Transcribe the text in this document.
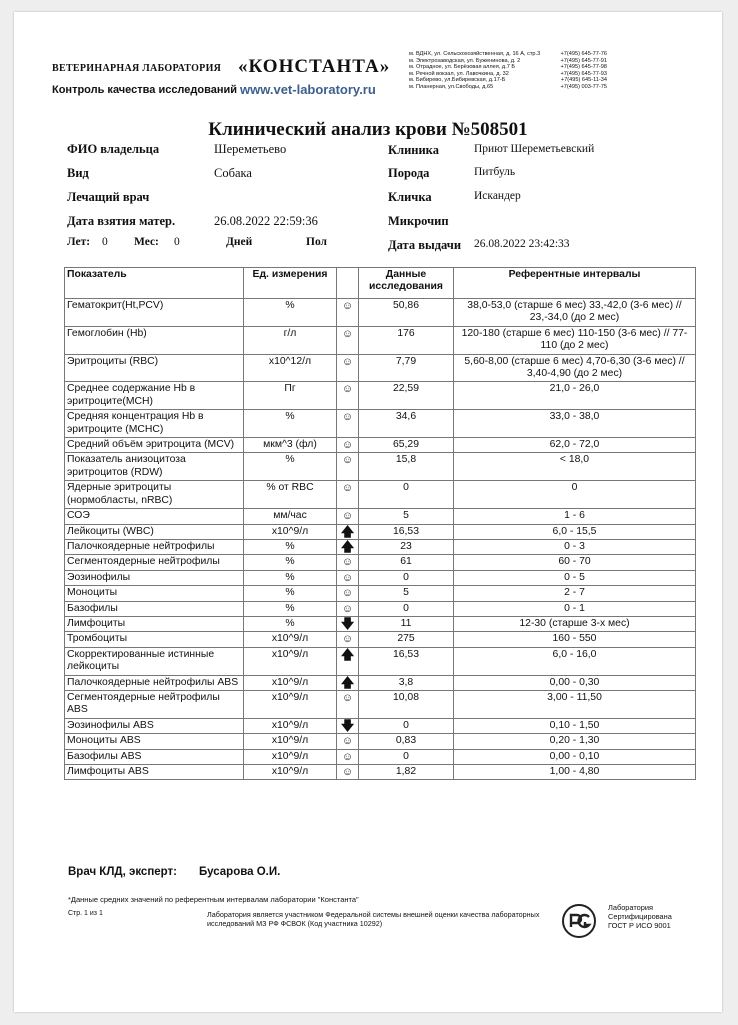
ВЕТЕРИНАРНАЯ ЛАБОРАТОРИЯ «КОНСТАНТА»
Контроль качества исследований www.vet-laboratory.ru
м. ВДНХ, ул. Сельскохозяйственная, д. 16 А, стр.3
м. Электрозаводская, ул. Бужениновa, д. 2
м. Отрадное, ул. Берёзовая аллея, д.7 Б
м. Речной вокзал, ул. Лавочкина, д. 32
м. Бибирево, ул.Бибиревская, д.17-Б
м. Планерная, ул.Свободы, д.65
+7(495) 645-77-76
+7(495) 645-77-91
+7(495) 645-77-98
+7(495) 645-77-93
+7(495) 645-11-34
+7(495) 003-77-75
Клинический анализ крови №508501
ФИО владельца	Шереметьево
Вид	Собака
Лечащий врач
Дата взятия матер.	26.08.2022 22:59:36
Лет: 0 Мес: 0	Дней	Пол
Клиника	Приют Шереметьевский
Порода	Питбуль
Кличка	Искандер
Микрочип
Дата выдачи 26.08.2022 23:42:33
Показатель	Ед. измерения		Данные исследования	Референтные интервалы
Гематокрит(Ht,PCV)	%	☺	50,86	38,0-53,0 (старше 6 мес) 33,-42,0 (3-6 мес) // 23,-34,0 (до 2 мес)
Гемоглобин (Hb)	г/л	☺	176	120-180 (старше 6 мес) 110-150 (3-6 мес) // 77-110 (до 2 мес)
Эритроциты (RBC)	x10^12/л	☺	7,79	5,60-8,00 (старше 6 мес) 4,70-6,30 (3-6 мес) // 3,40-4,90 (до 2 мес)
Среднее содержание Hb в эритроците(MCH)	Пг	☺	22,59	21,0 - 26,0
Средняя концентрация Hb в эритроците (MCHC)	%	☺	34,6	33,0 - 38,0
Средний объём эритроцита (MCV)	мкм^3 (фл)	☺	65,29	62,0 - 72,0
Показатель анизоцитоза эритроцитов (RDW)	%	☺	15,8	< 18,0
Ядерные эритроциты (нормобласты, nRBC)	% от RBC	☺	0	0
СОЭ	мм/час	☺	5	1 - 6
Лейкоциты (WBC)	x10^9/л	🡅	16,53	6,0 - 15,5
Палочкоядерные нейтрофилы	%	🡅	23	0 - 3
Сегментоядерные нейтрофилы	%	☺	61	60 - 70
Эозинофилы	%	☺	0	0 - 5
Моноциты	%	☺	5	2 - 7
Базофилы	%	☺	0	0 - 1
Лимфоциты	%	🡇	11	12-30 (старше 3-х мес)
Тромбоциты	x10^9/л	☺	275	160 - 550
Скорректированные истинные лейкоциты	x10^9/л	🡅	16,53	6,0 - 16,0
Палочкоядерные нейтрофилы ABS	x10^9/л	🡅	3,8	0,00 - 0,30
Сегментоядерные нейтрофилы ABS	x10^9/л	☺	10,08	3,00 - 11,50
Эозинофилы ABS	x10^9/л	🡇	0	0,10 - 1,50
Моноциты ABS	x10^9/л	☺	0,83	0,20 - 1,30
Базофилы ABS	x10^9/л	☺	0	0,00 - 0,10
Лимфоциты ABS	x10^9/л	☺	1,82	1,00 - 4,80
Врач КЛД, эксперт: Бусарова О.И.
*Данные средних значений по референтным интервалам лаборатории "Константа"
Стр. 1 из 1	Лаборатория является участником Федеральной системы внешней оценки качества лабораторных исследований МЗ РФ ФСВОК (Код участника 10292)
Лаборатория
Сертифицирована
ГОСТ Р ИСО 9001
